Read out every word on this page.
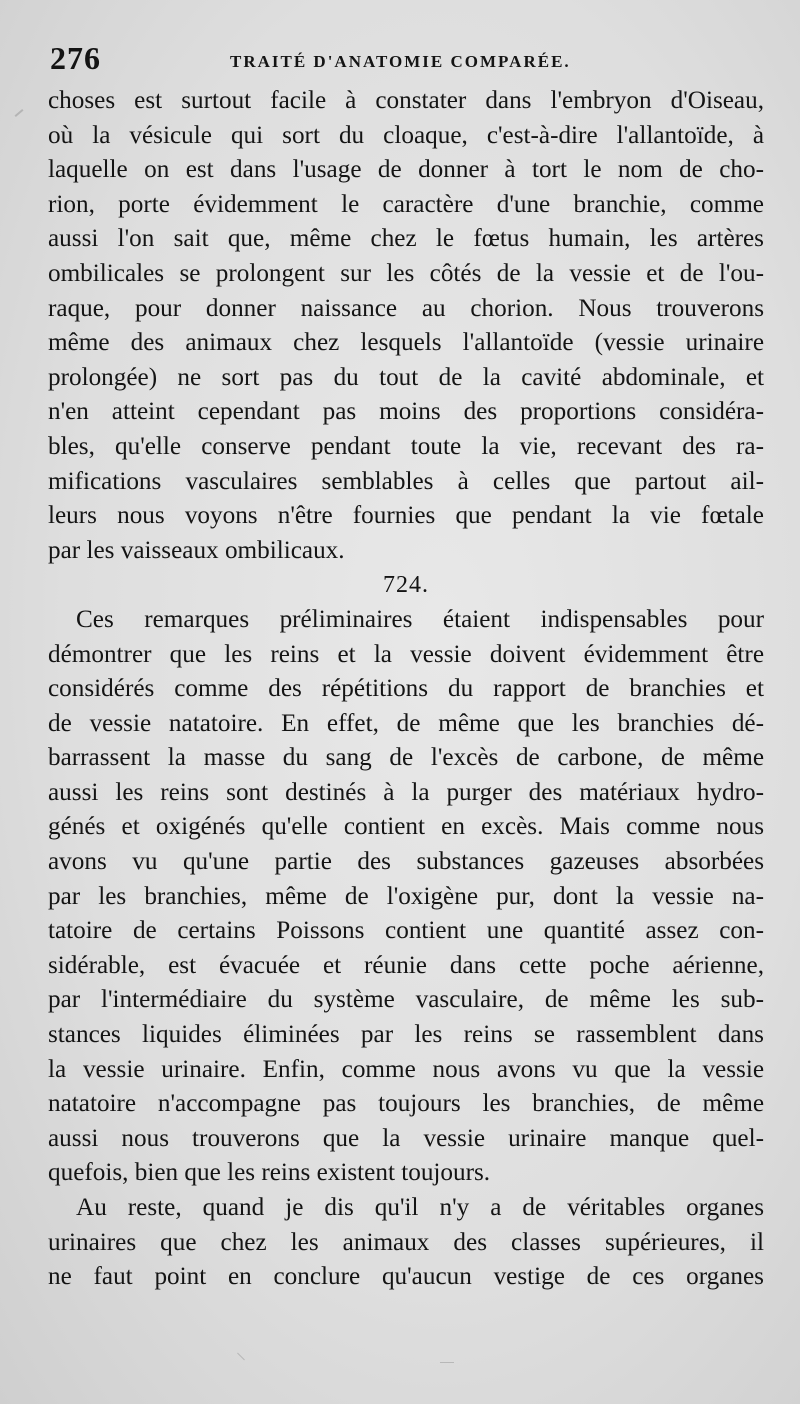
276	TRAITÉ D'ANATOMIE COMPARÉE.
choses est surtout facile à constater dans l'embryon d'Oiseau,
où la vésicule qui sort du cloaque, c'est-à-dire l'allantoïde, à
laquelle on est dans l'usage de donner à tort le nom de cho-
rion, porte évidemment le caractère d'une branchie, comme
aussi l'on sait que, même chez le fœtus humain, les artères
ombilicales se prolongent sur les côtés de la vessie et de l'ou-
raque, pour donner naissance au chorion. Nous trouverons
même des animaux chez lesquels l'allantoïde (vessie urinaire
prolongée) ne sort pas du tout de la cavité abdominale, et
n'en atteint cependant pas moins des proportions considéra-
bles, qu'elle conserve pendant toute la vie, recevant des ra-
mifications vasculaires semblables à celles que partout ail-
leurs nous voyons n'être fournies que pendant la vie fœtale
par les vaisseaux ombilicaux.
724.
Ces remarques préliminaires étaient indispensables pour
démontrer que les reins et la vessie doivent évidemment être
considérés comme des répétitions du rapport de branchies et
de vessie natatoire. En effet, de même que les branchies dé-
barrassent la masse du sang de l'excès de carbone, de même
aussi les reins sont destinés à la purger des matériaux hydro-
génés et oxigénés qu'elle contient en excès. Mais comme nous
avons vu qu'une partie des substances gazeuses absorbées
par les branchies, même de l'oxigène pur, dont la vessie na-
tatoire de certains Poissons contient une quantité assez con-
sidérable, est évacuée et réunie dans cette poche aérienne,
par l'intermédiaire du système vasculaire, de même les sub-
stances liquides éliminées par les reins se rassemblent dans
la vessie urinaire. Enfin, comme nous avons vu que la vessie
natatoire n'accompagne pas toujours les branchies, de même
aussi nous trouverons que la vessie urinaire manque quel-
quefois, bien que les reins existent toujours.
Au reste, quand je dis qu'il n'y a de véritables organes
urinaires que chez les animaux des classes supérieures, il
ne faut point en conclure qu'aucun vestige de ces organes
